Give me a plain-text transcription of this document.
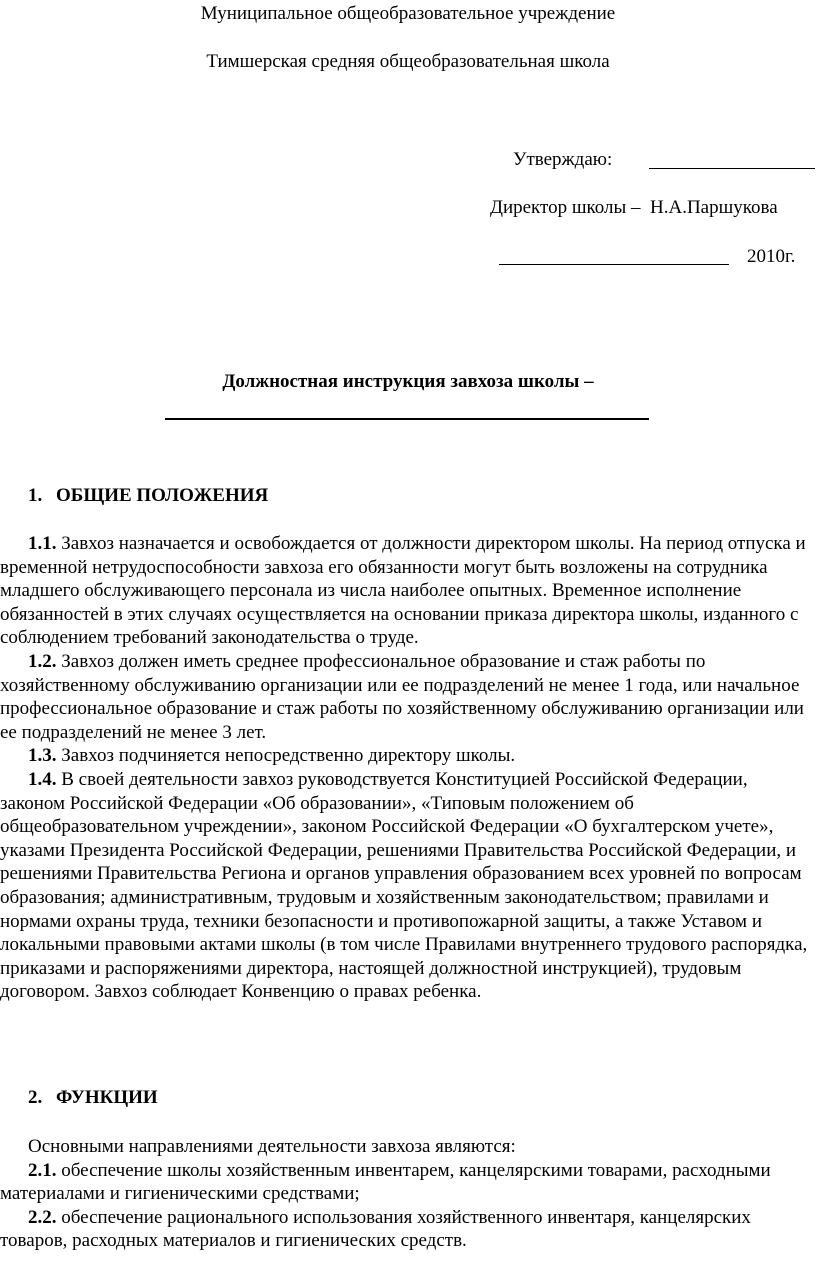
Муниципальное общеобразовательное учреждение
Тимшерская средняя общеобразовательная школа
Утверждаю:
Директор школы – Н.А.Паршукова
2010г.
Должностная инструкция завхоза школы –
1. ОБЩИЕ ПОЛОЖЕНИЯ

1.1. Завхоз назначается и освобождается от должности директором школы. На период отпуска и временной нетрудоспособности завхоза его обязанности могут быть возложены на сотрудника младшего обслуживающего персонала из числа наиболее опытных. Временное исполнение обязанностей в этих случаях осуществляется на основании приказа директора школы, изданного с соблюдением требований законодательства о труде.

1.2. Завхоз должен иметь среднее профессиональное образование и стаж работы по хозяйственному обслуживанию организации или ее подразделений не менее 1 года, или начальное профессиональное образование и стаж работы по хозяйственному обслуживанию организации или ее подразделений не менее 3 лет.

1.3. Завхоз подчиняется непосредственно директору школы.

1.4. В своей деятельности завхоз руководствуется Конституцией Российской Федерации, законом Российской Федерации «Об образовании», «Типовым положением об общеобразовательном учреждении», законом Российской Федерации «О бухгалтерском учете», указами Президента Российской Федерации, решениями Правительства Российской Федерации, и решениями Правительства Региона и органов управления образованием всех уровней по вопросам образования; административным, трудовым и хозяйственным законодательством; правилами и нормами охраны труда, техники безопасности и противопожарной защиты, а также Уставом и локальными правовыми актами школы (в том числе Правилами внутреннего трудового распорядка, приказами и распоряжениями директора, настоящей должностной инструкцией), трудовым договором. Завхоз соблюдает Конвенцию о правах ребенка.

2. ФУНКЦИИ

Основными направлениями деятельности завхоза являются:

2.1. обеспечение школы хозяйственным инвентарем, канцелярскими товарами, расходными материалами и гигиеническими средствами;

2.2. обеспечение рационального использования хозяйственного инвентаря, канцелярских товаров, расходных материалов и гигиенических средств.
